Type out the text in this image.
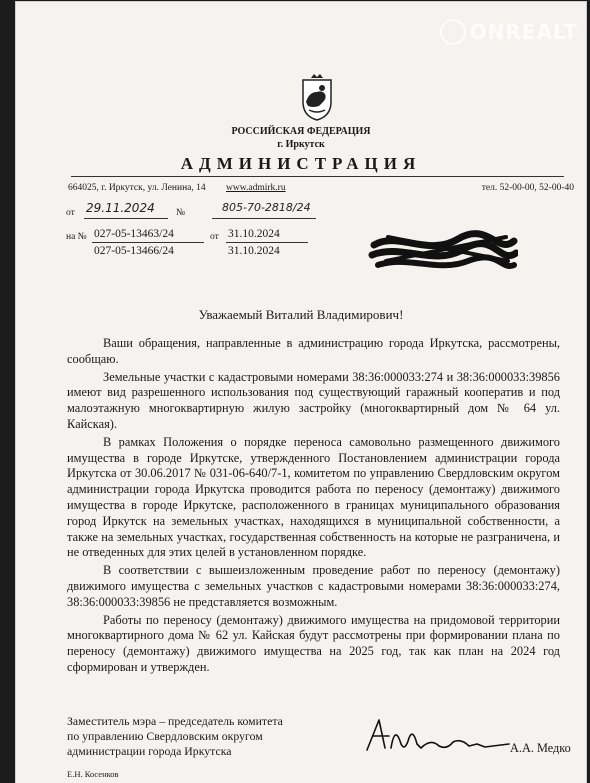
ONREALT
РОССИЙСКАЯ ФЕДЕРАЦИЯ
г. Иркутск
АДМИНИСТРАЦИЯ
664025, г. Иркутск, ул. Ленина, 14 www.admirk.ru	тел. 52-00-00, 52-00-40
от 29.11.2024 №	805-70-2818/24
на № 027-05-13463/24
027-05-13466/24
от 31.10.2024
31.10.2024
Уважаемый Виталий Владимирович!

Ваши обращения, направленные в администрацию города Иркутска, рассмотрены, сообщаю.

Земельные участки с кадастровыми номерами 38:36:000033:274 и 38:36:000033:39856 имеют вид разрешенного использования под существующий гаражный кооператив и под малоэтажную многоквартирную жилую застройку (многоквартирный дом № 64 ул. Кайская).

В рамках Положения о порядке переноса самовольно размещенного движимого имущества в городе Иркутске, утвержденного Постановлением администрации города Иркутска от 30.06.2017 № 031-06-640/7-1, комитетом по управлению Свердловским округом администрации города Иркутска проводится работа по переносу (демонтажу) движимого имущества в городе Иркутске, расположенного в границах муниципального образования город Иркутск на земельных участках, находящихся в муниципальной собственности, а также на земельных участках, государственная собственность на которые не разграничена, и не отведенных для этих целей в установленном порядке.

В соответствии с вышеизложенным проведение работ по переносу (демонтажу) движимого имущества с земельных участков с кадастровыми номерами 38:36:000033:274, 38:36:000033:39856 не представляется возможным.

Работы по переносу (демонтажу) движимого имущества на придомовой территории многоквартирного дома № 62 ул. Кайская будут рассмотрены при формировании плана по переносу (демонтажу) движимого имущества на 2025 год, так как план на 2024 год сформирован и утвержден.

Заместитель мэра – председатель комитета
по управлению Свердловским округом
администрации города Иркутска	А.А. Медко
Е.Н. Косенков
